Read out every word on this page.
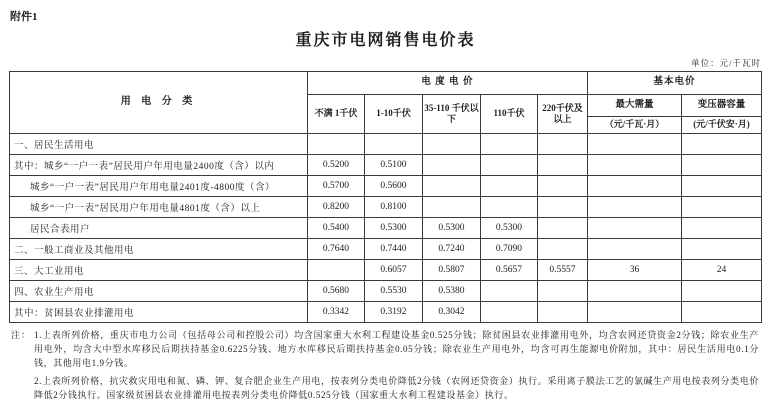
附件1
重庆市电网销售电价表
单位：元/千瓦时
用 电 分 类	电 度 电 价					基本电价	
	不满 1千伏	1-10千伏	35-110 千伏以下	110千伏	220千伏及以上	最大需量	变压器容量
						（元/千瓦·月）	(元/千伏安·月)
一、居民生活用电							
其中：城乡“一户一表”居民用户年用电量2400度（含）以内	0.5200	0.5100					
城乡“一户一表”居民用户年用电量2401度-4800度（含）	0.5700	0.5600					
城乡“一户一表”居民用户年用电量4801度（含）以上	0.8200	0.8100					
居民合表用户	0.5400	0.5300	0.5300	0.5300			
二、一般工商业及其他用电	0.7640	0.7440	0.7240	0.7090			
三、大工业用电		0.6057	0.5807	0.5657	0.5557	36	24
四、农业生产用电	0.5680	0.5530	0.5380				
其中：贫困县农业排灌用电	0.3342	0.3192	0.3042				
注： 1.上表所列价格，重庆市电力公司（包括母公司和控股公司）均含国家重大水利工程建设基金0.525分钱；除贫困县农业排灌用电外，均含农网还贷资金2分钱；除农业生产用电外，均含大中型水库移民后期扶持基金0.6225分钱、地方水库移民后期扶持基金0.05分钱；除农业生产用电外，均含可再生能源电价附加，其中：居民生活用电0.1分钱，其他用电1.9分钱。

2.上表所列价格，抗灾救灾用电和氮、磷、钾、复合肥企业生产用电，按表列分类电价降低2分钱（农网还贷资金）执行。采用离子膜法工艺的氯碱生产用电按表列分类电价降低2分钱执行。国家级贫困县农业排灌用电按表列分类电价降低0.525分钱（国家重大水利工程建设基金）执行。
